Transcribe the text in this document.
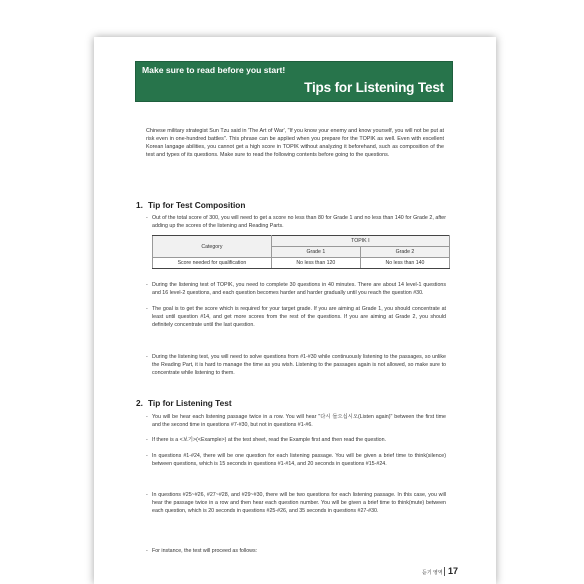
Make sure to read before you start!
Tips for Listening Test

Chinese military strategist Sun Tzu said in 'The Art of War', "If you know your enemy and know yourself, you will not be put at risk even in one-hundred battles". This phrase can be applied when you prepare for the TOPIK as well. Even with excellent Korean langage abilities, you cannot get a high score in TOPIK without analyzing it beforehand, such as composition of the test and types of its questions. Make sure to read the following contents before going to the questions.

1. Tip for Test Composition

- Out of the total score of 300, you will need to get a score no less than 80 for Grade 1 and no less than 140 for Grade 2, after adding up the scores of the listening and Reading Parts.

Category	TOPIK Ⅰ	
	Grade 1	Grade 2
Score needed for qualification	No less than 120	No less than 140

- During the listening test of TOPIK, you need to complete 30 questions in 40 minutes. There are about 14 level-1 questions and 16 level-2 questions, and each question becomes harder and harder gradually until you reach the question #30.

- The goal is to get the score which is required for your target grade. If you are aiming at Grade 1, you should concentrate at least until question #14, and get more scores from the rest of the questions. If you are aiming at Grade 2, you should definitely concentrate until the last question.

- During the listening test, you will need to solve questions from #1-#30 while continuously listening to the passages, so unlike the Reading Part, it is hard to manage the time as you wish. Listening to the passages again is not allowed, so make sure to concentrate while listening to them.

2. Tip for Listening Test

- You will be hear each listening passage twice in a row. You will hear "다시 들으십시오(Listen again)" between the first time and the second time in questions #7-#30, but not in questions #1-#6.

- If there is a <보기>(<Example>) at the test sheet, read the Example first and then read the question.

- In questions #1-#24, there will be one question for each listening passage. You will be given a brief time to think(silence) between questions, which is 15 seconds in questions #1-#14, and 20 seconds in questions #15-#24.

- In questions #25~#26, #27~#28, and #29~#30, there will be two questions for each listening passage. In this case, you will hear the passage twice in a row and then hear each question number. You will be given a brief time to think(mute) between each question, which is 20 seconds in questions #25-#26, and 35 seconds in questions #27-#30.

- For instance, the test will proceed as follows:

듣기 영역 17
